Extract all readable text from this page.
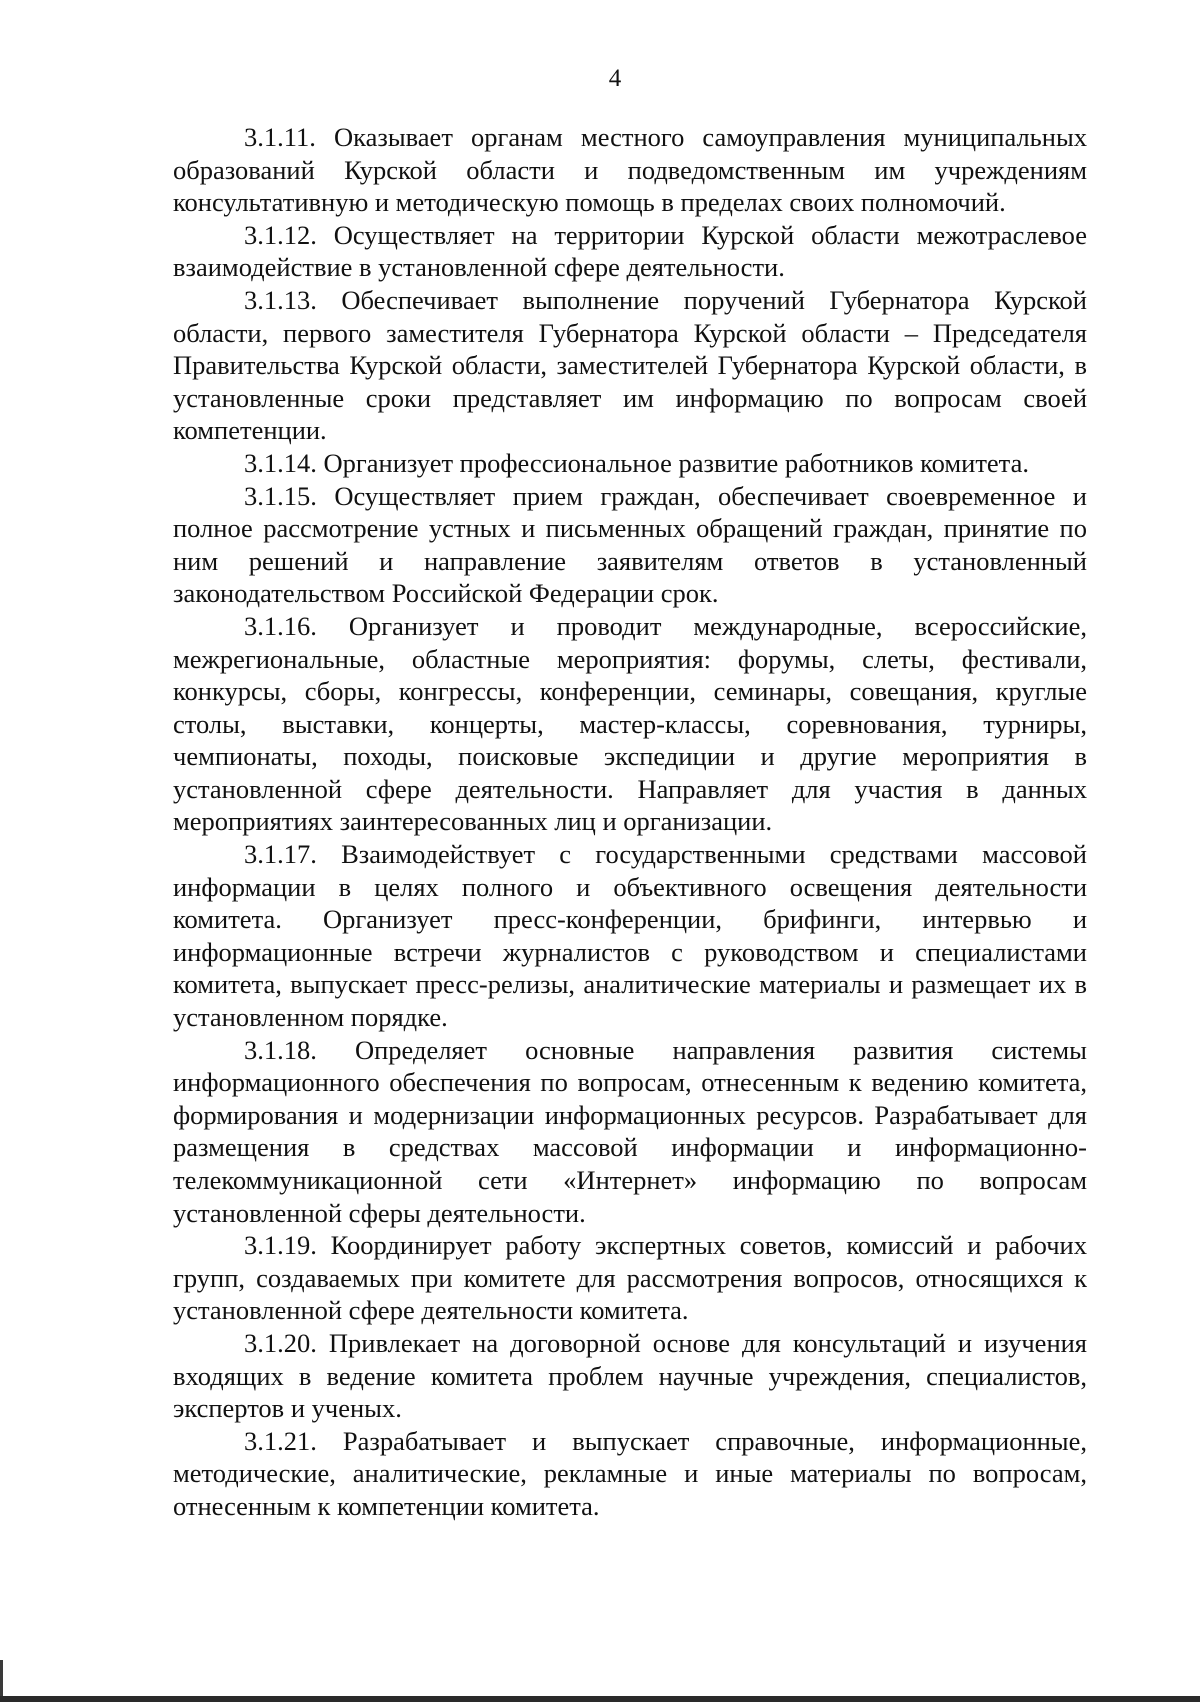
4

3.1.11. Оказывает органам местного самоуправления муниципальных образований Курской области и подведомственным им учреждениям консультативную и методическую помощь в пределах своих полномочий.

3.1.12. Осуществляет на территории Курской области межотраслевое взаимодействие в установленной сфере деятельности.

3.1.13. Обеспечивает выполнение поручений Губернатора Курской области, первого заместителя Губернатора Курской области – Председателя Правительства Курской области, заместителей Губернатора Курской области, в установленные сроки представляет им информацию по вопросам своей компетенции.

3.1.14. Организует профессиональное развитие работников комитета.

3.1.15. Осуществляет прием граждан, обеспечивает своевременное и полное рассмотрение устных и письменных обращений граждан, принятие по ним решений и направление заявителям ответов в установленный законодательством Российской Федерации срок.

3.1.16. Организует и проводит международные, всероссийские, межрегиональные, областные мероприятия: форумы, слеты, фестивали, конкурсы, сборы, конгрессы, конференции, семинары, совещания, круглые столы, выставки, концерты, мастер-классы, соревнования, турниры, чемпионаты, походы, поисковые экспедиции и другие мероприятия в установленной сфере деятельности. Направляет для участия в данных мероприятиях заинтересованных лиц и организации.

3.1.17. Взаимодействует с государственными средствами массовой информации в целях полного и объективного освещения деятельности комитета. Организует пресс-конференции, брифинги, интервью и информационные встречи журналистов с руководством и специалистами комитета, выпускает пресс-релизы, аналитические материалы и размещает их в установленном порядке.

3.1.18. Определяет основные направления развития системы информационного обеспечения по вопросам, отнесенным к ведению комитета, формирования и модернизации информационных ресурсов. Разрабатывает для размещения в средствах массовой информации и информационно-телекоммуникационной сети «Интернет» информацию по вопросам установленной сферы деятельности.

3.1.19. Координирует работу экспертных советов, комиссий и рабочих групп, создаваемых при комитете для рассмотрения вопросов, относящихся к установленной сфере деятельности комитета.

3.1.20. Привлекает на договорной основе для консультаций и изучения входящих в ведение комитета проблем научные учреждения, специалистов, экспертов и ученых.

3.1.21. Разрабатывает и выпускает справочные, информационные, методические, аналитические, рекламные и иные материалы по вопросам, отнесенным к компетенции комитета.
